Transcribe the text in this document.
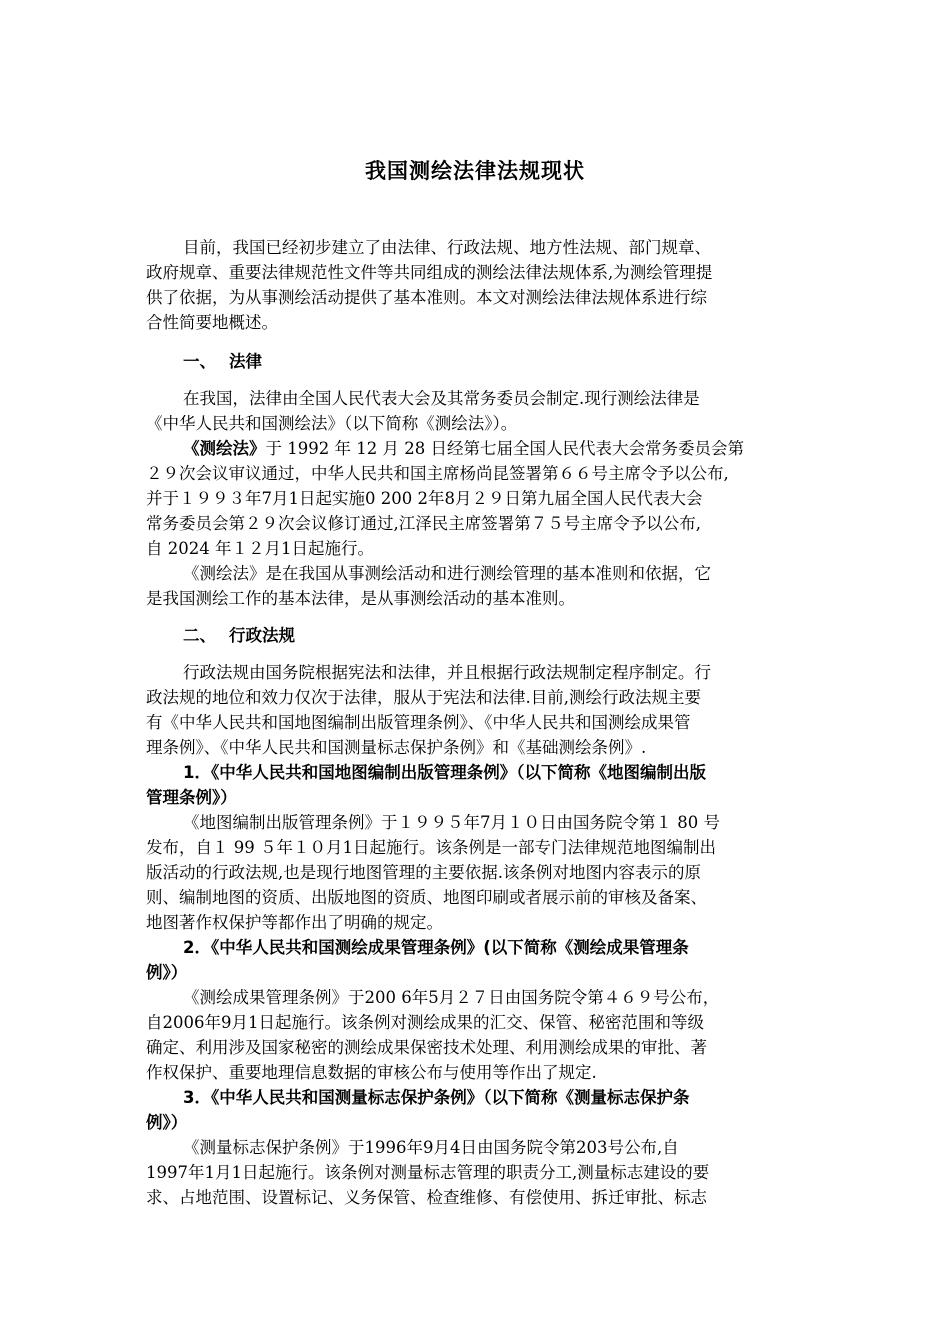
我国测绘法律法规现状
目前，我国已经初步建立了由法律、行政法规、地方性法规、部门规章、
政府规章、重要法律规范性文件等共同组成的测绘法律法规体系,为测绘管理提
供了依据，为从事测绘活动提供了基本准则。本文对测绘法律法规体系进行综
合性简要地概述。
一、 法律
在我国，法律由全国人民代表大会及其常务委员会制定.现行测绘法律是
《中华人民共和国测绘法》（以下简称《测绘法》）。
《测绘法》于 1992 年 12 月 28 日经第七届全国人民代表大会常务委员会第
２９次会议审议通过，中华人民共和国主席杨尚昆签署第６６号主席令予以公布,
并于１９９３年7月1日起实施0 200 2年8月２９日第九届全国人民代表大会
常务委员会第２９次会议修订通过,江泽民主席签署第７５号主席令予以公布,
自 2024 年１２月1日起施行。
《测绘法》是在我国从事测绘活动和进行测绘管理的基本准则和依据，它
是我国测绘工作的基本法律，是从事测绘活动的基本准则。
二、 行政法规
行政法规由国务院根据宪法和法律，并且根据行政法规制定程序制定。行
政法规的地位和效力仅次于法律，服从于宪法和法律.目前,测绘行政法规主要
有《中华人民共和国地图编制出版管理条例》、《中华人民共和国测绘成果管
理条例》、《中华人民共和国测量标志保护条例》和《基础测绘条例》.
1．《中华人民共和国地图编制出版管理条例》（以下简称《地图编制出版
管理条例》）
《地图编制出版管理条例》于１９９５年7月１０日由国务院令第１ 80 号
发布，自１ 99 ５年１０月1日起施行。该条例是一部专门法律规范地图编制出
版活动的行政法规,也是现行地图管理的主要依据.该条例对地图内容表示的原
则、编制地图的资质、出版地图的资质、地图印刷或者展示前的审核及备案、
地图著作权保护等都作出了明确的规定。
2．《中华人民共和国测绘成果管理条例》(以下简称《测绘成果管理条
例》）
《测绘成果管理条例》于200 6年5月２７日由国务院令第４６９号公布，
自2006年9月1日起施行。该条例对测绘成果的汇交、保管、秘密范围和等级
确定、利用涉及国家秘密的测绘成果保密技术处理、利用测绘成果的审批、著
作权保护、重要地理信息数据的审核公布与使用等作出了规定.
3．《中华人民共和国测量标志保护条例》（以下简称《测量标志保护条
例》）
《测量标志保护条例》于1996年9月4日由国务院令第203号公布,自
1997年1月1日起施行。该条例对测量标志管理的职责分工,测量标志建设的要
求、占地范围、设置标记、义务保管、检查维修、有偿使用、拆迁审批、标志
